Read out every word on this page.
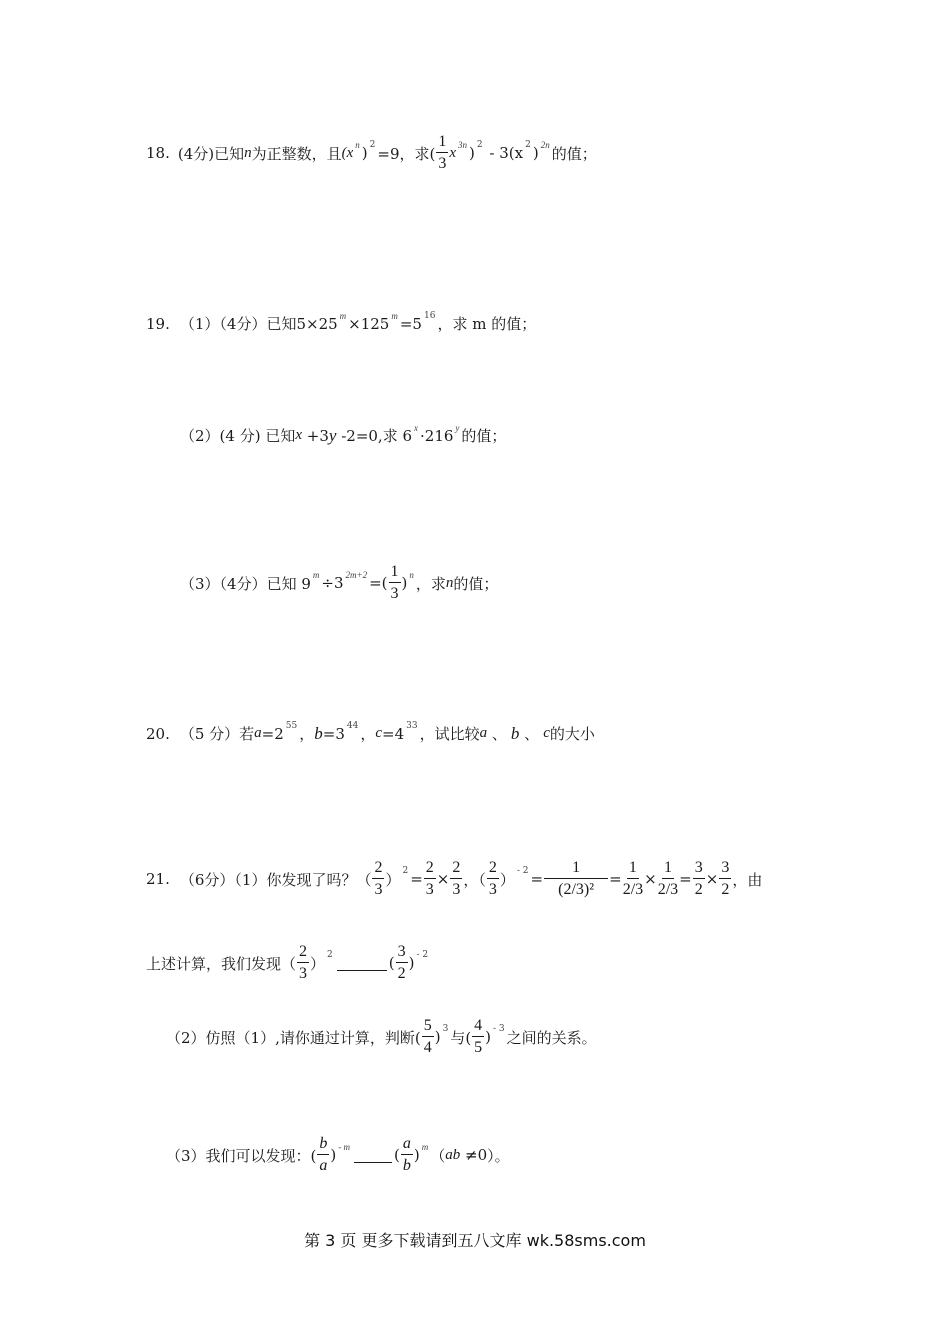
18. (4分) 已知 n 为正整数，且 (x n ) 2 =9，求( $\frac{1}{3}$ x 3n ) 2 - 3(x 2 ) 2n 的值；
19. （1）（4分）已知 5×25 m ×125 m =5 16 ，求 m 的值；
（2）(4 分) 已知 x +3 y -2=0,求 6 x ·216 y 的值；
（3）（4分）已知 9 m ÷3 2m+2 =( $\frac{1}{3}$ ) n ，求 n 的值；
20. （5 分）若 a =2 55 ， b =3 44 ， c =4 33 ，试比较 a 、 b 、 c 的大小
21. （6分）（1）你发现了吗？（ $\frac{2}{3}$ ） $2 = \frac{2}{3} \times \frac{2}{3}$ ，（ $\frac{2}{3}$ ） - $2 = \frac{1}{\text{(2/3)²}} = \frac{1}{2/3} \times \frac{1}{2/3} = \frac{3}{2} \times \frac{3}{2}$ ，由
上述计算，我们发现（ $\frac{2}{3}$ ） 2	( $\frac{3}{2}$ ) - 2
（2）仿照（1）,请你通过计算，判断( $\frac{5}{4}$ ) 3 与( $\frac{4}{5}$ ) - 3 之间的关系。
（3）我们可以发现：( $\frac{b}{a}$ ) - m	( $\frac{a}{b}$ ) m （ ab ≠0 ）。
第 3 页 更多下载请到五八文库 wk.58sms.com
